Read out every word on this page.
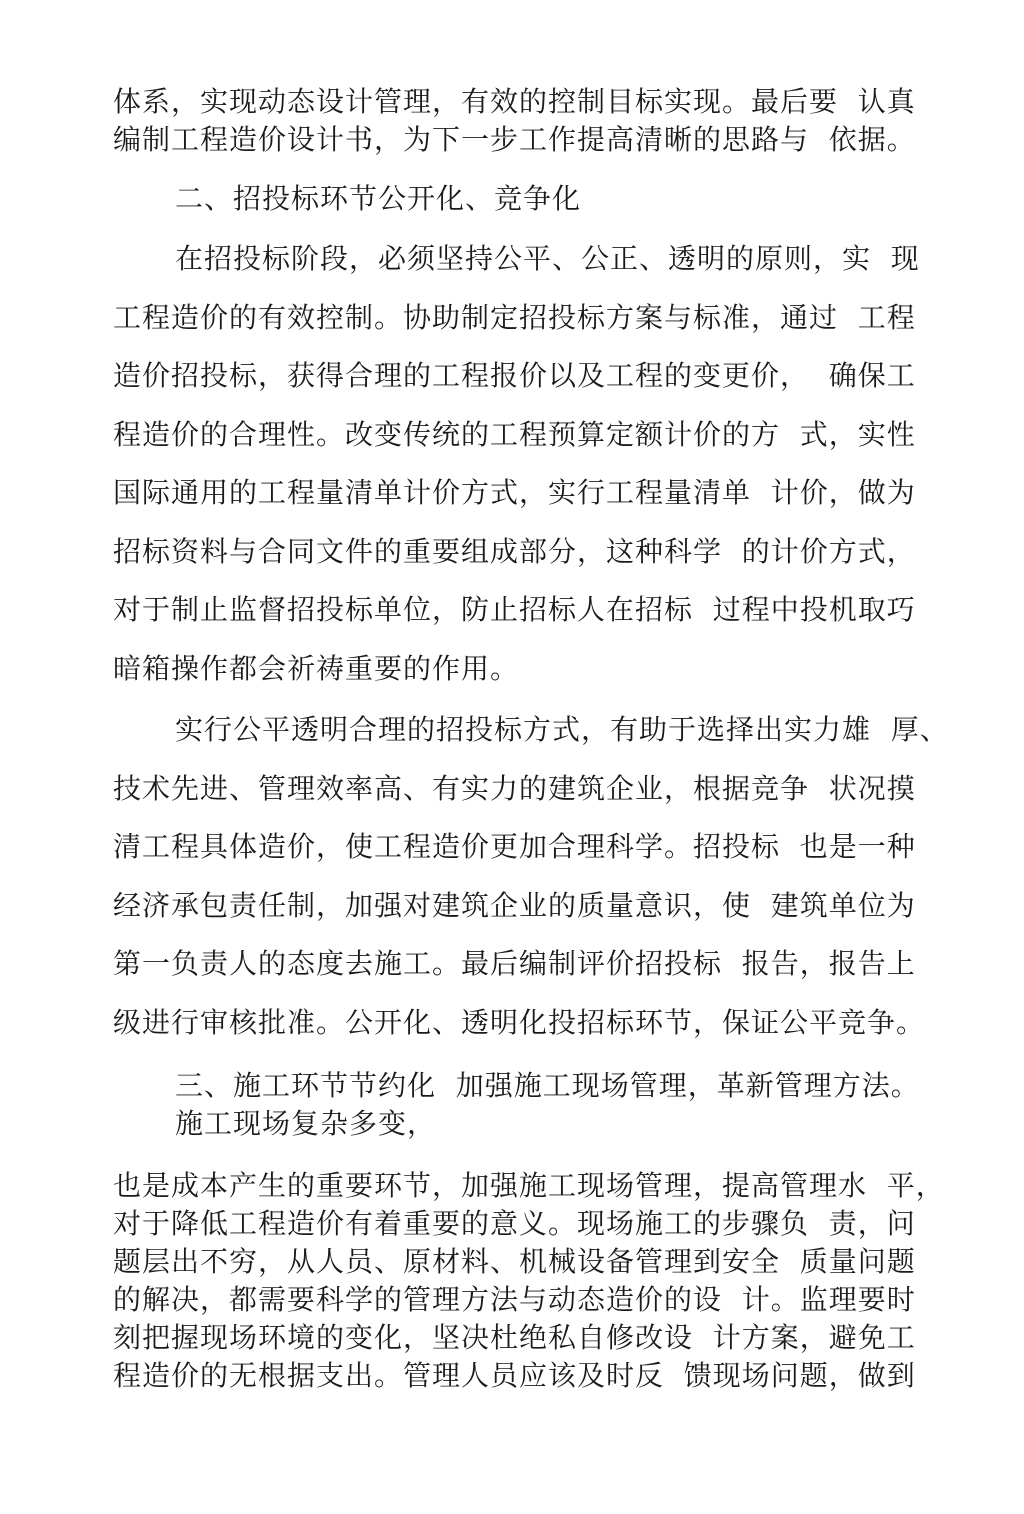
体系，实现动态设计管理，有效的控制目标实现。最后要  认真
编制工程造价设计书，为下一步工作提高清晰的思路与  依据。
二、招投标环节公开化、竞争化
在招投标阶段，必须坚持公平、公正、透明的原则，实  现
工程造价的有效控制。协助制定招投标方案与标准，通过  工程
造价招投标，获得合理的工程报价以及工程的变更价，  确保工
程造价的合理性。改变传统的工程预算定额计价的方  式，实性
国际通用的工程量清单计价方式，实行工程量清单  计价，做为
招标资料与合同文件的重要组成部分，这种科学  的计价方式，
对于制止监督招投标单位，防止招标人在招标  过程中投机取巧
暗箱操作都会祈祷重要的作用。
实行公平透明合理的招投标方式，有助于选择出实力雄  厚、
技术先进、管理效率高、有实力的建筑企业，根据竞争  状况摸
清工程具体造价，使工程造价更加合理科学。招投标  也是一种
经济承包责任制，加强对建筑企业的质量意识，使  建筑单位为
第一负责人的态度去施工。最后编制评价招投标  报告，报告上
级进行审核批准。公开化、透明化投招标环节，保证公平竞争。
三、施工环节节约化  加强施工现场管理，革新管理方法。
施工现场复杂多变，
也是成本产生的重要环节，加强施工现场管理，提高管理水  平，
对于降低工程造价有着重要的意义。现场施工的步骤负  责，问
题层出不穷，从人员、原材料、机械设备管理到安全  质量问题
的解决，都需要科学的管理方法与动态造价的设  计。监理要时
刻把握现场环境的变化，坚决杜绝私自修改设  计方案，避免工
程造价的无根据支出。管理人员应该及时反  馈现场问题，做到
